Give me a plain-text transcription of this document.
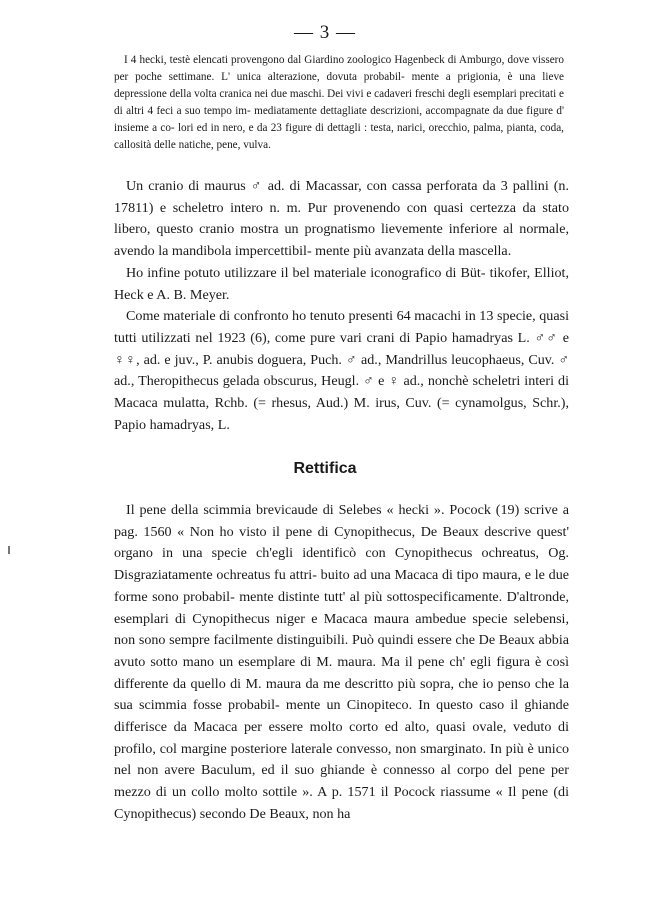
— 3 —

I 4 hecki, testè elencati provengono dal Giardino zoologico Hagenbeck di Amburgo, dove vissero per poche settimane. L' unica alterazione, dovuta probabil- mente a prigionia, è una lieve depressione della volta cranica nei due maschi. Dei vivi e cadaveri freschi degli esemplari precitati e di altri 4 feci a suo tempo im- mediatamente dettagliate descrizioni, accompagnate da due figure d' insieme a co- lori ed in nero, e da 23 figure di dettagli : testa, narici, orecchio, palma, pianta, coda, callosità delle natiche, pene, vulva.

Un cranio di maurus ♂ ad. di Macassar, con cassa perforata da 3 pallini (n. 17811) e scheletro intero n. m. Pur provenendo con quasi certezza da stato libero, questo cranio mostra un prognatismo lievemente inferiore al normale, avendo la mandibola impercettibil- mente più avanzata della mascella.

Ho infine potuto utilizzare il bel materiale iconografico di Büt- tikofer, Elliot, Heck e A. B. Meyer.

Come materiale di confronto ho tenuto presenti 64 macachi in 13 specie, quasi tutti utilizzati nel 1923 (6), come pure vari crani di Papio hamadryas L. ♂♂ e ♀♀, ad. e juv., P. anubis doguera, Puch. ♂ ad., Mandrillus leucophaeus, Cuv. ♂ ad., Theropithecus gelada obscurus, Heugl. ♂ e ♀ ad., nonchè scheletri interi di Macaca mulatta, Rchb. (= rhesus, Aud.) M. irus, Cuv. (= cynamolgus, Schr.), Papio hamadryas, L.

Rettifica

Il pene della scimmia brevicaude di Selebes « hecki ». Pocock (19) scrive a pag. 1560 « Non ho visto il pene di Cynopithecus, De Beaux descrive quest' organo in una specie ch'egli identificò con Cynopithecus ochreatus, Og. Disgraziatamente ochreatus fu attri- buito ad una Macaca di tipo maura, e le due forme sono probabil- mente distinte tutt' al più sottospecificamente. D'altronde, esemplari di Cynopithecus niger e Macaca maura ambedue specie selebensi, non sono sempre facilmente distinguibili. Può quindi essere che De Beaux abbia avuto sotto mano un esemplare di M. maura. Ma il pene ch' egli figura è così differente da quello di M. maura da me descritto più sopra, che io penso che la sua scimmia fosse probabil- mente un Cinopiteco. In questo caso il ghiande differisce da Macaca per essere molto corto ed alto, quasi ovale, veduto di profilo, col margine posteriore laterale convesso, non smarginato. In più è unico nel non avere Baculum, ed il suo ghiande è connesso al corpo del pene per mezzo di un collo molto sottile ». A p. 1571 il Pocock riassume « Il pene (di Cynopithecus) secondo De Beaux, non ha
